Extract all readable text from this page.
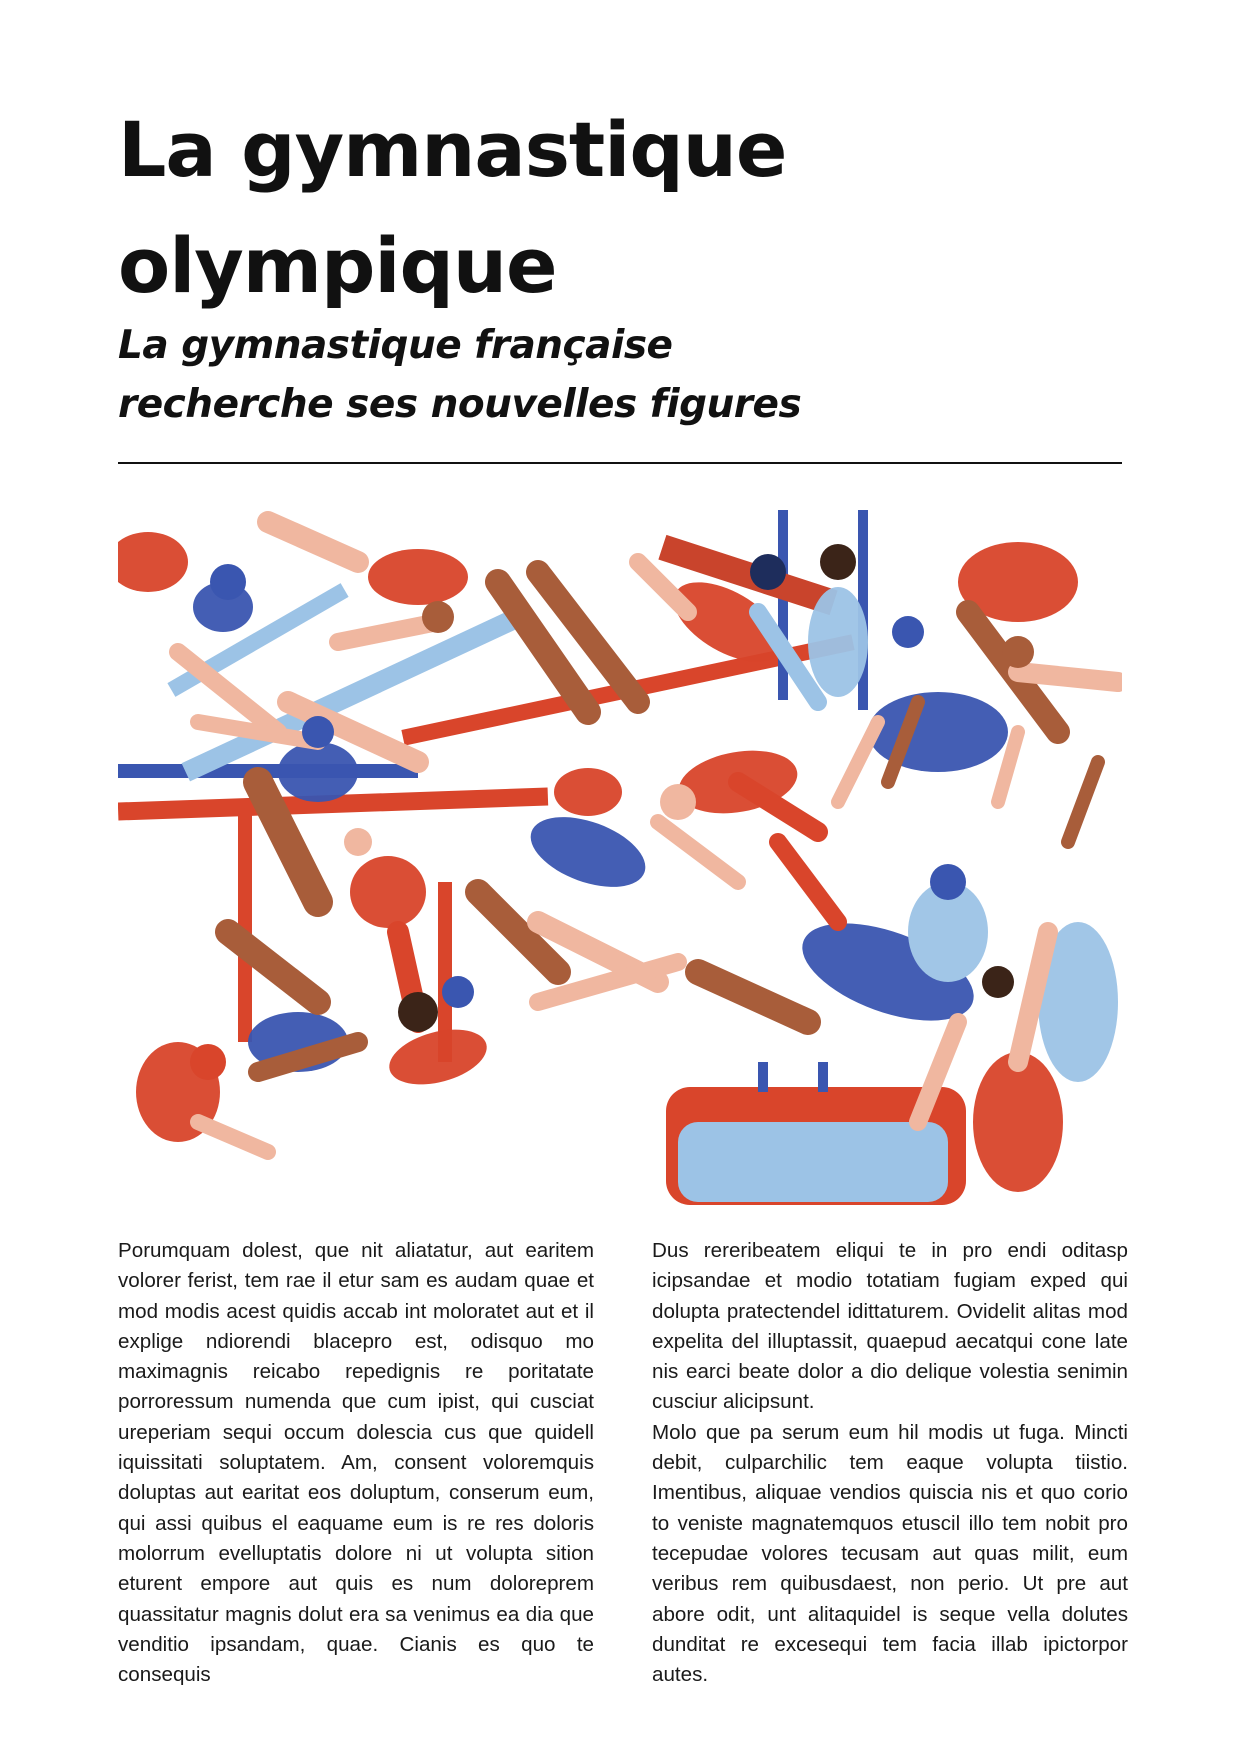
La gymnastique
olympique
La gymnastique française
recherche ses nouvelles figures

Porumquam dolest, que nit aliatatur, aut earitem volorer ferist, tem rae il etur sam es audam quae et mod modis acest quidis accab int moloratet aut et il explige ndiorendi blacepro est, odisquo mo maximagnis reicabo repedignis re poritatate porroressum numenda que cum ipist, qui cusciat ureperiam sequi occum dolescia cus que quidell iquissitati soluptatem. Am, consent voloremquis doluptas aut earitat eos doluptum, conserum eum, qui assi quibus el eaquame eum is re res doloris molorrum evelluptatis dolore ni ut volupta sition eturent empore aut quis es num doloreprem quassitatur magnis dolut era sa venimus ea dia que venditio ipsandam, quae. Cianis es quo te consequis

Dus rereribeatem eliqui te in pro endi oditasp icipsandae et modio totatiam fugiam exped qui dolupta pratectendel idittaturem. Ovidelit alitas mod expelita del illuptassit, quaepud aecatqui cone late nis earci beate dolor a dio delique volestia senimin cusciur alicipsunt.

Molo que pa serum eum hil modis ut fuga. Mincti debit, culparchilic tem eaque volupta tiistio. Imentibus, aliquae vendios quiscia nis et quo corio to veniste magnatemquos etuscil illo tem nobit pro tecepudae volores tecusam aut quas milit, eum veribus rem quibusdaest, non perio. Ut pre aut abore odit, unt alitaquidel is seque vella dolutes dunditat re excesequi tem facia illab ipictorpor autes.
